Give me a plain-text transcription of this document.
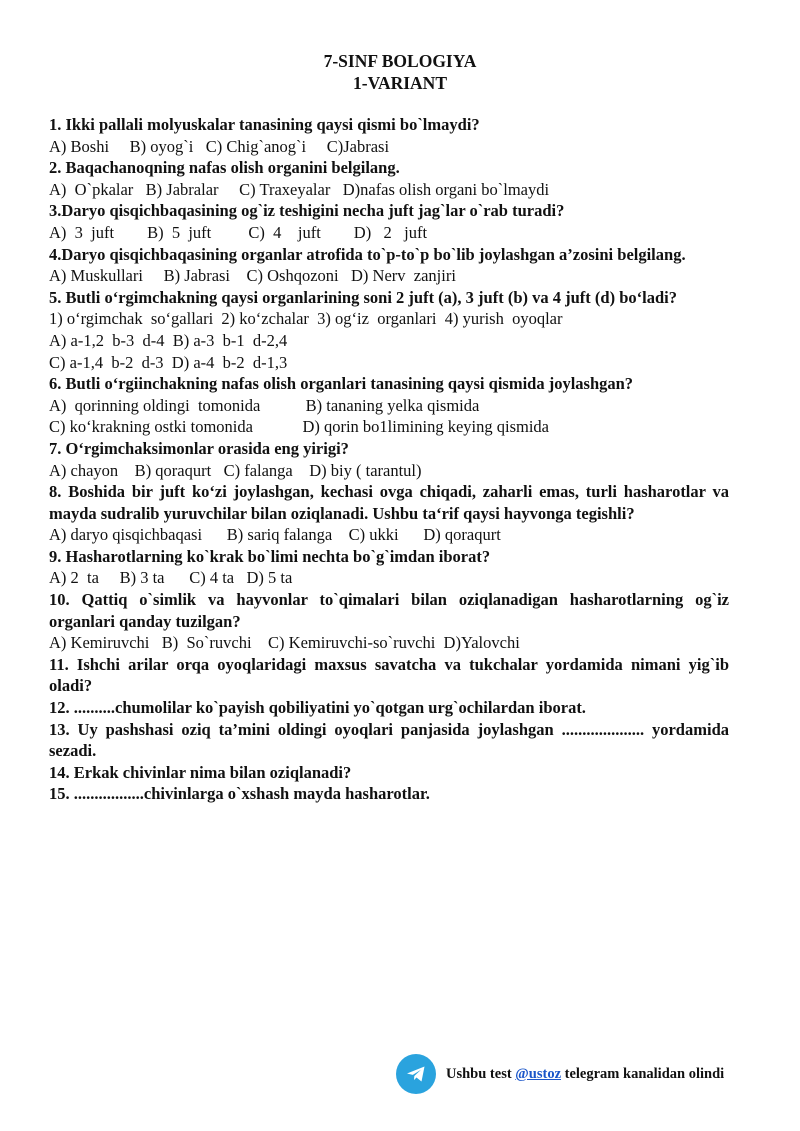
7-SINF BOLOGIYA
1-VARIANT
1. Ikki pallali molyuskalar tanasining qaysi qismi bo`lmaydi?
A) Boshi     B) oyog`i   C) Chig`anog`i     C)Jabrasi
2. Baqachanoqning nafas olish organini belgilang.
A)  O`pkalar   B) Jabralar     C) Traxeyalar   D)nafas olish organi bo`lmaydi
3.Daryo qisqichbaqasining og`iz teshigini necha juft jag`lar o`rab turadi?
A)  3  juft        B)  5  juft         C)  4    juft        D)   2   juft
4.Daryo qisqichbaqasining organlar atrofida to`p-to`p bo`lib joylashgan a’zosini belgilang.
A) Muskullari     B) Jabrasi    C) Oshqozoni   D) Nerv  zanjiri
5. Butli o‘rgimchakning qaysi organlarining soni 2 juft (a), 3 juft (b) va 4 juft (d) bo‘ladi?
1) o‘rgimchak  so‘gallari  2) ko‘zchalar  3) og‘iz  organlari  4) yurish  oyoqlar
A) a-1,2  b-3  d-4  B) a-3  b-1  d-2,4
C) a-1,4  b-2  d-3  D) a-4  b-2  d-1,3
6. Butli o‘rgiinchakning nafas olish organlari tanasining qaysi qismida joylashgan?
A)  qorinning oldingi  tomonida           B) tananing yelka qismida
C) ko‘krakning ostki tomonida            D) qorin bo1limining keying qismida
7. O‘rgimchaksimonlar orasida eng yirigi?
A) chayon    B) qoraqurt   C) falanga    D) biy ( tarantul)
8. Boshida bir juft ko‘zi joylashgan, kechasi ovga chiqadi, zaharli emas, turli hasharotlar va mayda sudralib yuruvchilar bilan oziqlanadi. Ushbu ta‘rif qaysi hayvonga tegishli?
A) daryo qisqichbaqasi      B) sariq falanga    C) ukki      D) qoraqurt
9. Hasharotlarning ko`krak bo`limi nechta bo`g`imdan iborat?
A) 2  ta     B) 3 ta      C) 4 ta   D) 5 ta
10. Qattiq o`simlik va hayvonlar to`qimalari bilan oziqlanadigan hasharotlarning og`iz organlari qanday tuzilgan?
A) Kemiruvchi   B)  So`ruvchi    C) Kemiruvchi-so`ruvchi  D)Yalovchi
11. Ishchi arilar orqa oyoqlaridagi maxsus savatcha va tukchalar yordamida nimani yig`ib oladi?
12. ..........chumolilar ko`payish qobiliyatini yo`qotgan urg`ochilardan iborat.
13. Uy pashshasi oziq ta’mini oldingi oyoqlari panjasida joylashgan .................... yordamida sezadi.
14. Erkak chivinlar nima bilan oziqlanadi?
15. .................chivinlarga o`xshash mayda hasharotlar.
Ushbu test @ustoz telegram kanalidan olindi
